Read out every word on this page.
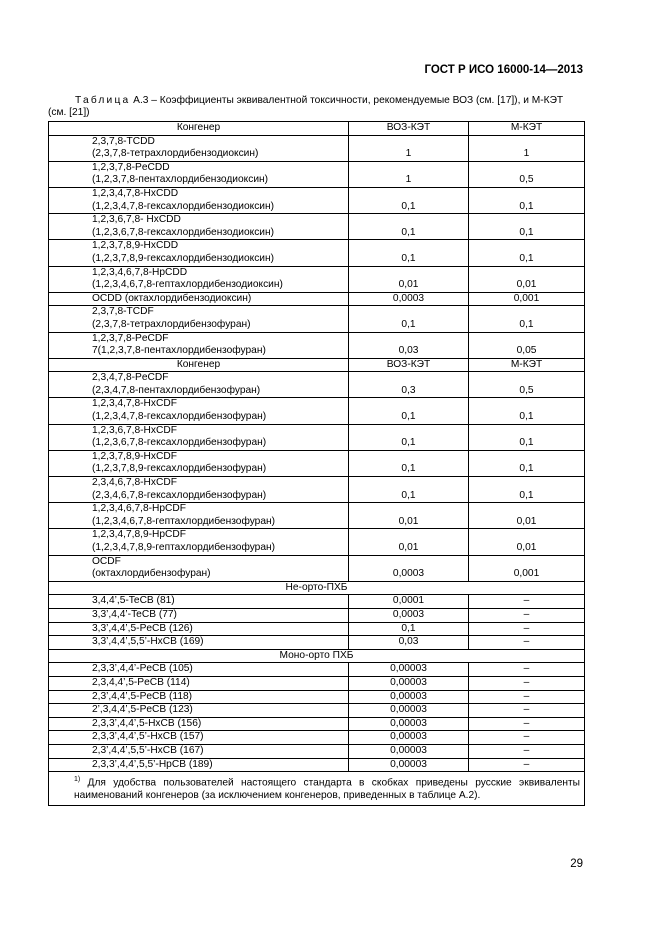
ГОСТ Р ИСО 16000-14—2013
Таблица А.3 – Коэффициенты эквивалентной токсичности, рекомендуемые ВОЗ (см. [17]), и М-КЭТ (см. [21])
Конгенер	ВОЗ-КЭТ	М-КЭТ
2,3,7,8-TCDD
(2,3,7,8-тетрахлордибензодиоксин)	1	1
1,2,3,7,8-PeCDD
(1,2,3,7,8-пентахлордибензодиоксин)	1	0,5
1,2,3,4,7,8-HxCDD
(1,2,3,4,7,8-гексахлордибензодиоксин)	0,1	0,1
1,2,3,6,7,8- HxCDD
(1,2,3,6,7,8-гексахлордибензодиоксин)	0,1	0,1
1,2,3,7,8,9-HxCDD
(1,2,3,7,8,9-гексахлордибензодиоксин)	0,1	0,1
1,2,3,4,6,7,8-HpCDD
(1,2,3,4,6,7,8-гептахлордибензодиоксин)	0,01	0,01
OCDD (октахлордибензодиоксин)	0,0003	0,001
2,3,7,8-TCDF
(2,3,7,8-тетрахлордибензофуран)	0,1	0,1
1,2,3,7,8-PeCDF
7(1,2,3,7,8-пентахлордибензофуран)	0,03	0,05
Конгенер	ВОЗ-КЭТ	М-КЭТ
2,3,4,7,8-PeCDF
(2,3,4,7,8-пентахлордибензофуран)	0,3	0,5
1,2,3,4,7,8-HxCDF
(1,2,3,4,7,8-гексахлордибензофуран)	0,1	0,1
1,2,3,6,7,8-HxCDF
(1,2,3,6,7,8-гексахлордибензофуран)	0,1	0,1
1,2,3,7,8,9-HxCDF
(1,2,3,7,8,9-гексахлордибензофуран)	0,1	0,1
2,3,4,6,7,8-HxCDF
(2,3,4,6,7,8-гексахлордибензофуран)	0,1	0,1
1,2,3,4,6,7,8-HpCDF
(1,2,3,4,6,7,8-гептахлордибензофуран)	0,01	0,01
1,2,3,4,7,8,9-HpCDF
(1,2,3,4,7,8,9-гептахлордибензофуран)	0,01	0,01
OCDF
(октахлордибензофуран)	0,0003	0,001
Не-орто-ПХБ		
3,4,4’,5-TeCB (81)	0,0001	–
3,3’,4,4’-TeCB (77)	0,0003	–
3,3’,4,4’,5-PeCB (126)	0,1	–
3,3’,4,4’,5,5’-HxCB (169)	0,03	–
Моно-орто ПХБ		
2,3,3’,4,4’-PeCB (105)	0,00003	–
2,3,4,4’,5-PeCB (114)	0,00003	–
2,3’,4,4’,5-PeCB (118)	0,00003	–
2’,3,4,4’,5-PeCB (123)	0,00003	–
2,3,3’,4,4’,5-HxCB (156)	0,00003	–
2,3,3’,4,4’,5’-HxCB (157)	0,00003	–
2,3’,4,4’,5,5’-HxCB (167)	0,00003	–
2,3,3’,4,4’,5,5’-HpCB (189)	0,00003	–
$^{1)}$ Для удобства пользователей настоящего стандарта в скобках приведены русские эквиваленты наименований конгенеров (за исключением конгенеров, приведенных в таблице А.2).		
29
